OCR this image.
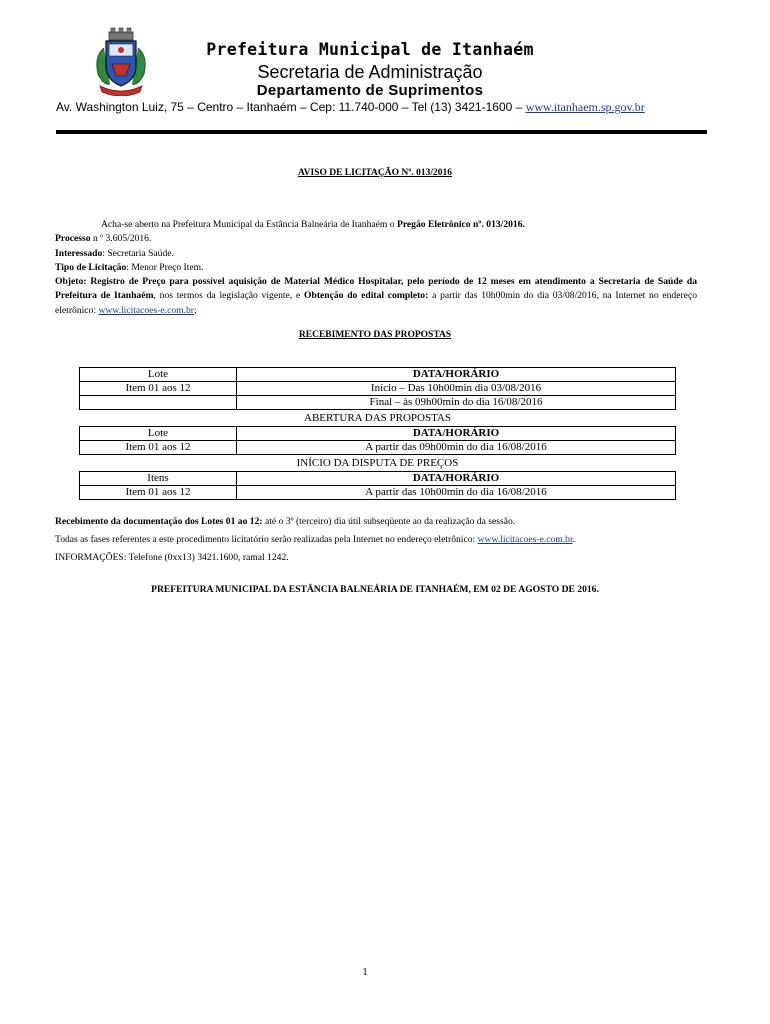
Prefeitura Municipal de Itanhaém
Secretaria de Administração
Departamento de Suprimentos
Av. Washington Luiz, 75 – Centro – Itanhaém – Cep: 11.740-000 – Tel (13) 3421-1600 – www.itanhaem.sp.gov.br
AVISO DE LICITAÇÃO Nº. 013/2016
Acha-se aberto na Prefeitura Municipal da Estância Balneária de Itanhaém o Pregão Eletrônico nº. 013/2016.
Processo n º 3.605/2016.
Interessado: Secretaria Saúde.
Tipo de Licitação: Menor Preço Item.
Objeto: Registro de Preço para possível aquisição de Material Médico Hospitalar, pelo período de 12 meses em atendimento a Secretaria de Saúde da Prefeitura de Itanhaém, nos termos da legislação vigente, e Obtenção do edital completo: a partir das 10h00min do dia 03/08/2016, na Internet no endereço eletrônico: www.licitacoes-e.com.br;
RECEBIMENTO DAS PROPOSTAS
Lote	DATA/HORÁRIO
Item 01 aos 12	Início – Das 10h00min dia 03/08/2016
	Final – às 09h00min do dia 16/08/2016
ABERTURA DAS PROPOSTAS
Lote	DATA/HORÁRIO
Item 01 aos 12	A partir das 09h00min do dia 16/08/2016
INÍCIO DA DISPUTA DE PREÇOS
Itens	DATA/HORÁRIO
Item 01 aos 12	A partir das 10h00min do dia 16/08/2016
Recebimento da documentação dos Lotes 01 ao 12: até o 3º (terceiro) dia útil subseqüente ao da realização da sessão.
Todas as fases referentes a este procedimento licitatório serão realizadas pela Internet no endereço eletrônico: www.licitacoes-e.com.br.
INFORMAÇÕES: Telefone (0xx13) 3421.1600, ramal 1242.
PREFEITURA MUNICIPAL DA ESTÂNCIA BALNEÁRIA DE ITANHAÉM, EM 02 DE AGOSTO DE 2016.
1
